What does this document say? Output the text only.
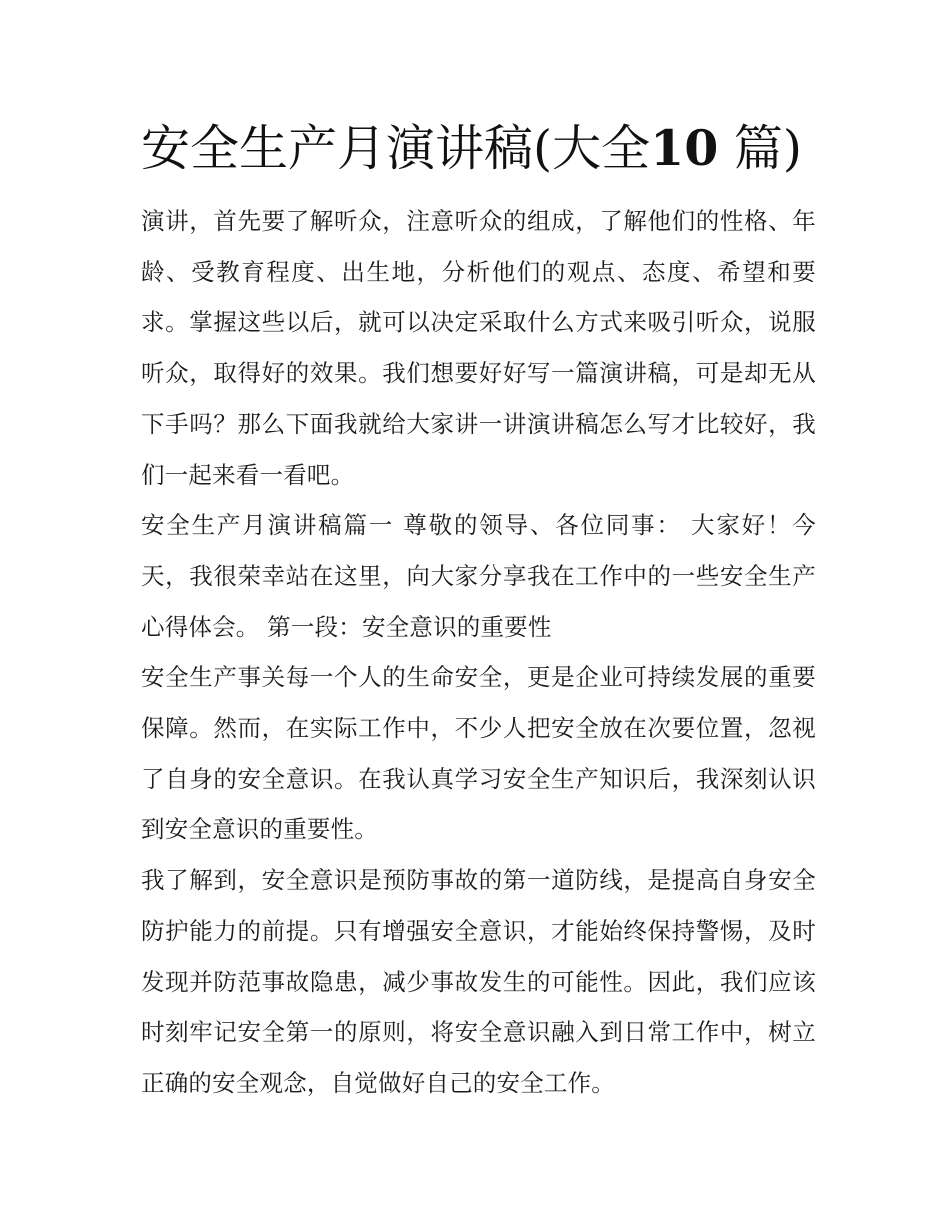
安全生产月演讲稿(大全10 篇)

演讲，首先要了解听众，注意听众的组成，了解他们的性格、年龄、受教育程度、出生地，分析他们的观点、态度、希望和要求。掌握这些以后，就可以决定采取什么方式来吸引听众，说服听众，取得好的效果。我们想要好好写一篇演讲稿，可是却无从下手吗？那么下面我就给大家讲一讲演讲稿怎么写才比较好，我们一起来看一看吧。

安全生产月演讲稿篇一 尊敬的领导、各位同事： 大家好！今天，我很荣幸站在这里，向大家分享我在工作中的一些安全生产心得体会。 第一段：安全意识的重要性

安全生产事关每一个人的生命安全，更是企业可持续发展的重要保障。然而，在实际工作中，不少人把安全放在次要位置，忽视了自身的安全意识。在我认真学习安全生产知识后，我深刻认识到安全意识的重要性。

我了解到，安全意识是预防事故的第一道防线，是提高自身安全防护能力的前提。只有增强安全意识，才能始终保持警惕，及时发现并防范事故隐患，减少事故发生的可能性。因此，我们应该时刻牢记安全第一的原则，将安全意识融入到日常工作中，树立正确的安全观念，自觉做好自己的安全工作。
